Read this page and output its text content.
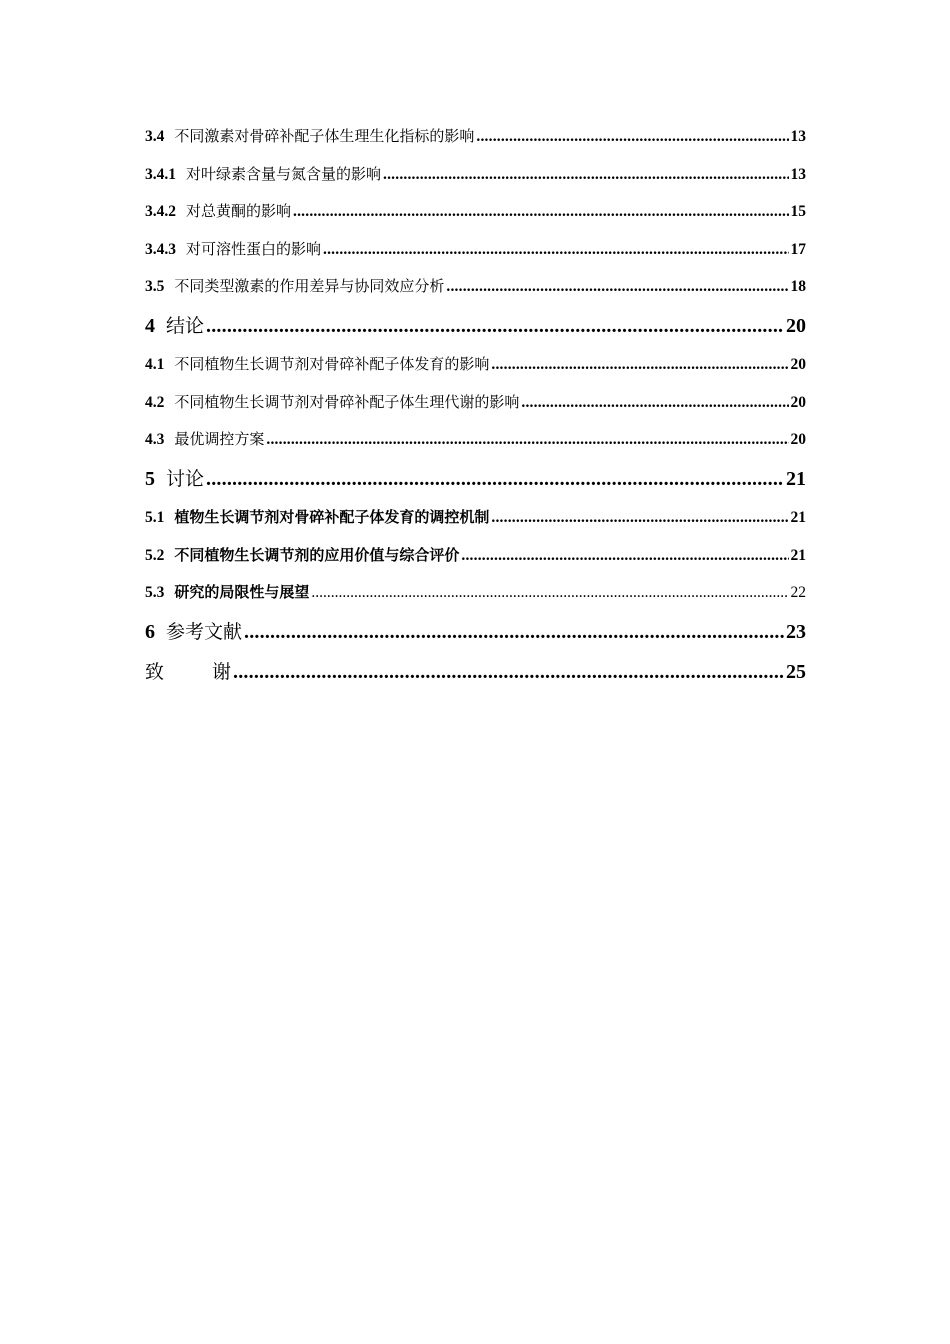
3.4 不同激素对骨碎补配子体生理生化指标的影响 .....	13
3.4.1 对叶绿素含量与氮含量的影响 .....	13
3.4.2 对总黄酮的影响 .....	15
3.4.3 对可溶性蛋白的影响 .....	17
3.5 不同类型激素的作用差异与协同效应分析 .....	18
4 结论 .....	20
4.1 不同植物生长调节剂对骨碎补配子体发育的影响 .....	20
4.2 不同植物生长调节剂对骨碎补配子体生理代谢的影响 .....	20
4.3 最优调控方案 .....	20
5 讨论 .....	21
5.1 植物生长调节剂对骨碎补配子体发育的调控机制 .....	21
5.2 不同植物生长调节剂的应用价值与综合评价 .....	21
5.3 研究的局限性与展望 .....	22
6 参考文献 .....	23
致谢 .....	25
